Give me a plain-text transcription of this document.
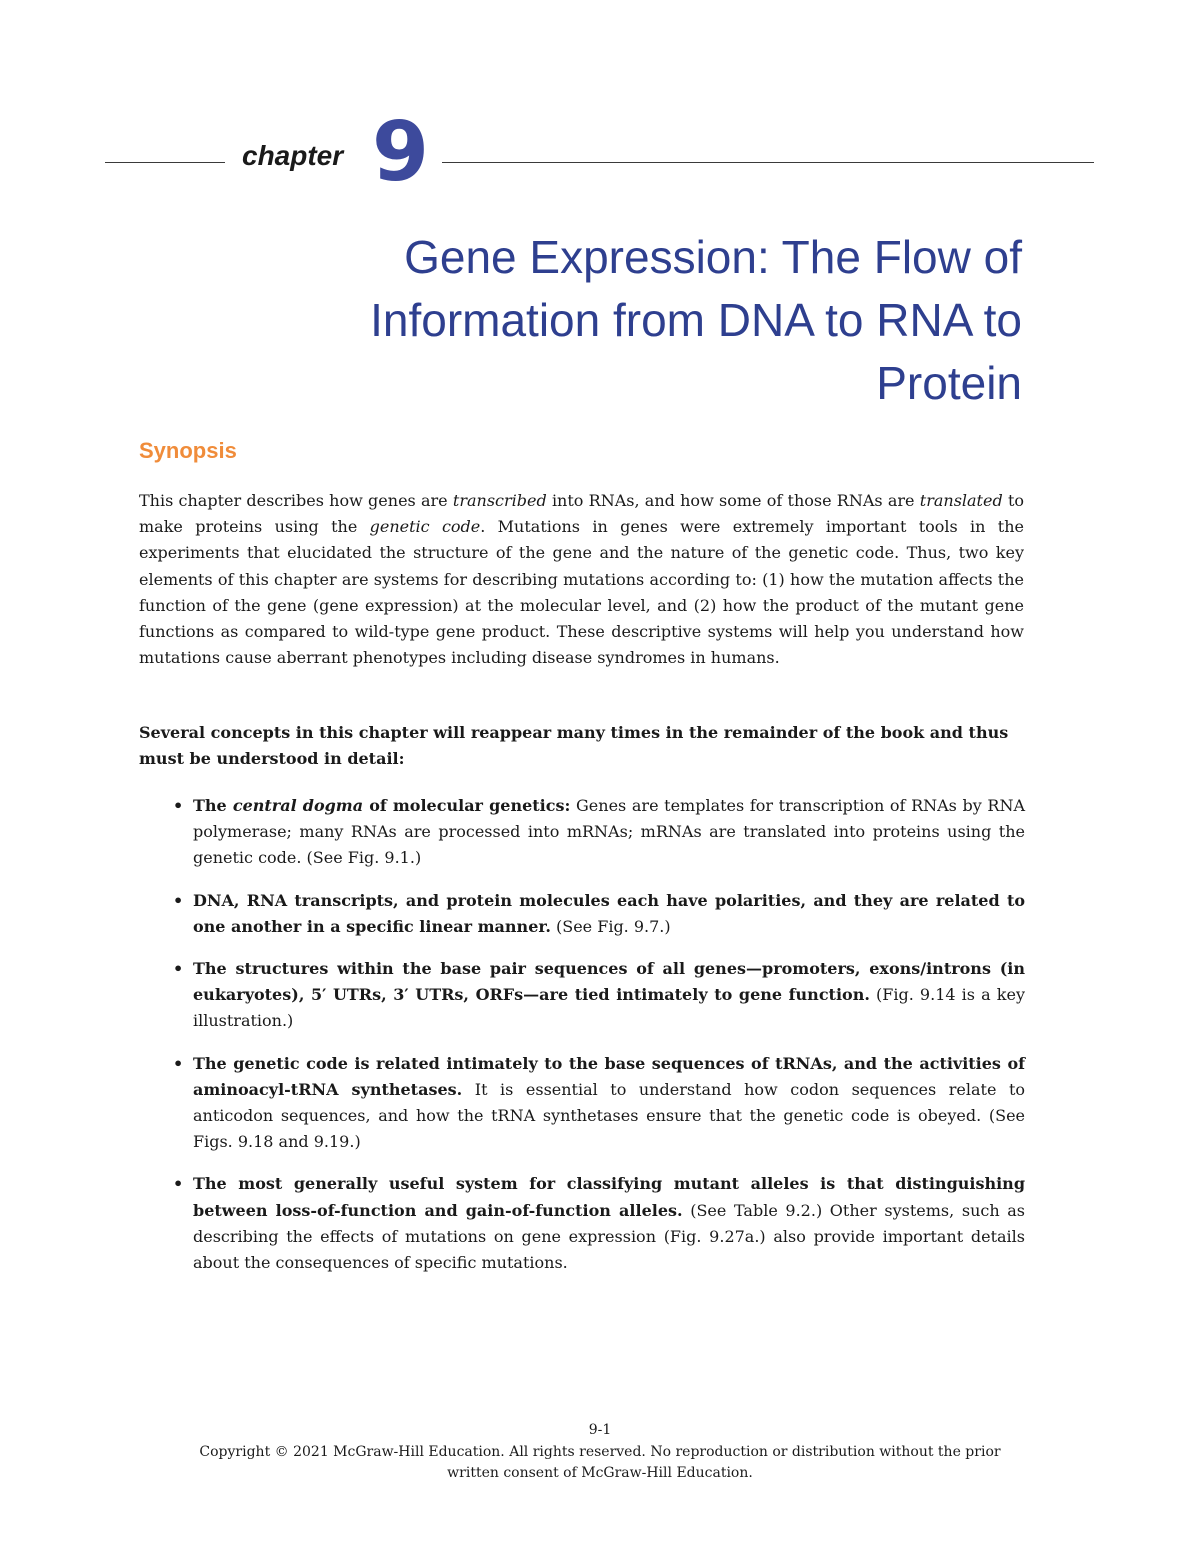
chapter 9
Gene Expression: The Flow of
Information from DNA to RNA to
Protein
Synopsis

This chapter describes how genes are transcribed into RNAs, and how some of those RNAs are translated to make proteins using the genetic code. Mutations in genes were extremely important tools in the experiments that elucidated the structure of the gene and the nature of the genetic code. Thus, two key elements of this chapter are systems for describing mutations according to: (1) how the mutation affects the function of the gene (gene expression) at the molecular level, and (2) how the product of the mutant gene functions as compared to wild-type gene product. These descriptive systems will help you understand how mutations cause aberrant phenotypes including disease syndromes in humans.

Several concepts in this chapter will reappear many times in the remainder of the book and thus must be understood in detail:

• The central dogma of molecular genetics: Genes are templates for transcription of RNAs by RNA polymerase; many RNAs are processed into mRNAs; mRNAs are translated into proteins using the genetic code. (See Fig. 9.1.)
• DNA, RNA transcripts, and protein molecules each have polarities, and they are related to one another in a specific linear manner. (See Fig. 9.7.)
• The structures within the base pair sequences of all genes—promoters, exons/introns (in eukaryotes), 5′ UTRs, 3′ UTRs, ORFs—are tied intimately to gene function. (Fig. 9.14 is a key illustration.)
• The genetic code is related intimately to the base sequences of tRNAs, and the activities of aminoacyl-tRNA synthetases. It is essential to understand how codon sequences relate to anticodon sequences, and how the tRNA synthetases ensure that the genetic code is obeyed. (See Figs. 9.18 and 9.19.)
• The most generally useful system for classifying mutant alleles is that distinguishing between loss-of-function and gain-of-function alleles. (See Table 9.2.) Other systems, such as describing the effects of mutations on gene expression (Fig. 9.27a.) also provide important details about the consequences of specific mutations.
9-1
Copyright © 2021 McGraw-Hill Education. All rights reserved. No reproduction or distribution without the prior
written consent of McGraw-Hill Education.
